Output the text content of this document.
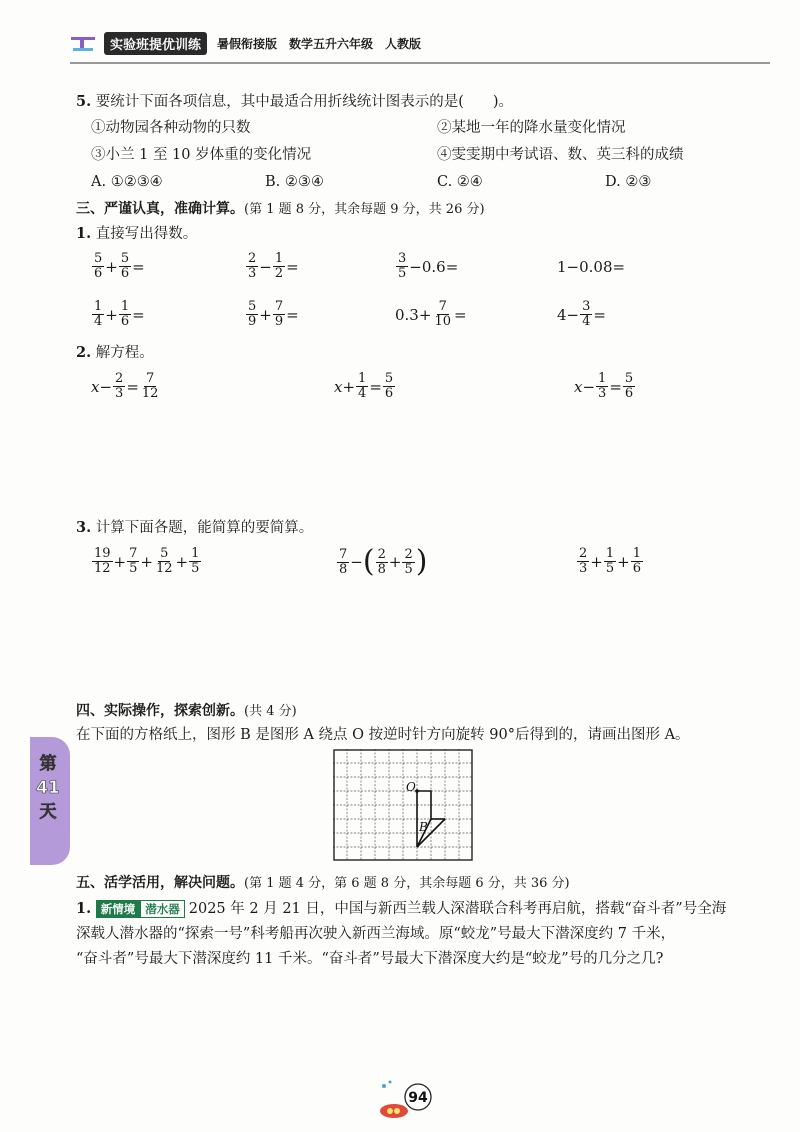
实验班提优训练	暑假衔接版 数学五升六年级 人教版
5. 要统计下面各项信息，其中最适合用折线统计图表示的是(　　)。
①动物园各种动物的只数	②某地一年的降水量变化情况
③小兰 1 至 10 岁体重的变化情况	④雯雯期中考试语、数、英三科的成绩
A. ①②③④	B. ②③④	C. ②④	D. ②③
三、严谨认真，准确计算。(第 1 题 8 分，其余每题 9 分，共 26 分)
1. 直接写出得数。
$\frac{5}{6} + \frac{5}{6}$ =	$\frac{2}{3} - \frac{1}{2}$ =	$\frac{3}{5} -0.6=$	1−0.08=
$\frac{1}{4} + \frac{1}{6}$ =	$\frac{5}{9} + \frac{7}{9}$ =	$0.3+ \frac{7}{10}$ =	$4- \frac{3}{4}$ =
2. 解方程。
$x - \frac{2}{3} = \frac{7}{12}$	$x + \frac{1}{4} = \frac{5}{6}$	$x - \frac{1}{3} = \frac{5}{6}$
3. 计算下面各题，能简算的要简算。
$\frac{19}{12} + \frac{7}{5} + \frac{5}{12} + \frac{1}{5}$	$\frac{7}{8}$ − ( $\frac{2}{8} + \frac{2}{5}$ )	$\frac{2}{3} + \frac{1}{5} + \frac{1}{6}$
四、实际操作，探索创新。(共 4 分)
在下面的方格纸上，图形 B 是图形 A 绕点 O 按逆时针方向旋转 90°后得到的，请画出图形 A。
第41天
O
B
五、活学活用，解决问题。(第 1 题 4 分，第 6 题 8 分，其余每题 6 分，共 36 分)
1. 新情境 潜水器 2025 年 2 月 21 日，中国与新西兰载人深潜联合科考再启航，搭载“奋斗者”号全海
深载人潜水器的“探索一号”科考船再次驶入新西兰海域。原“蛟龙”号最大下潜深度约 7 千米，
“奋斗者”号最大下潜深度约 11 千米。“奋斗者”号最大下潜深度大约是“蛟龙”号的几分之几?
94
